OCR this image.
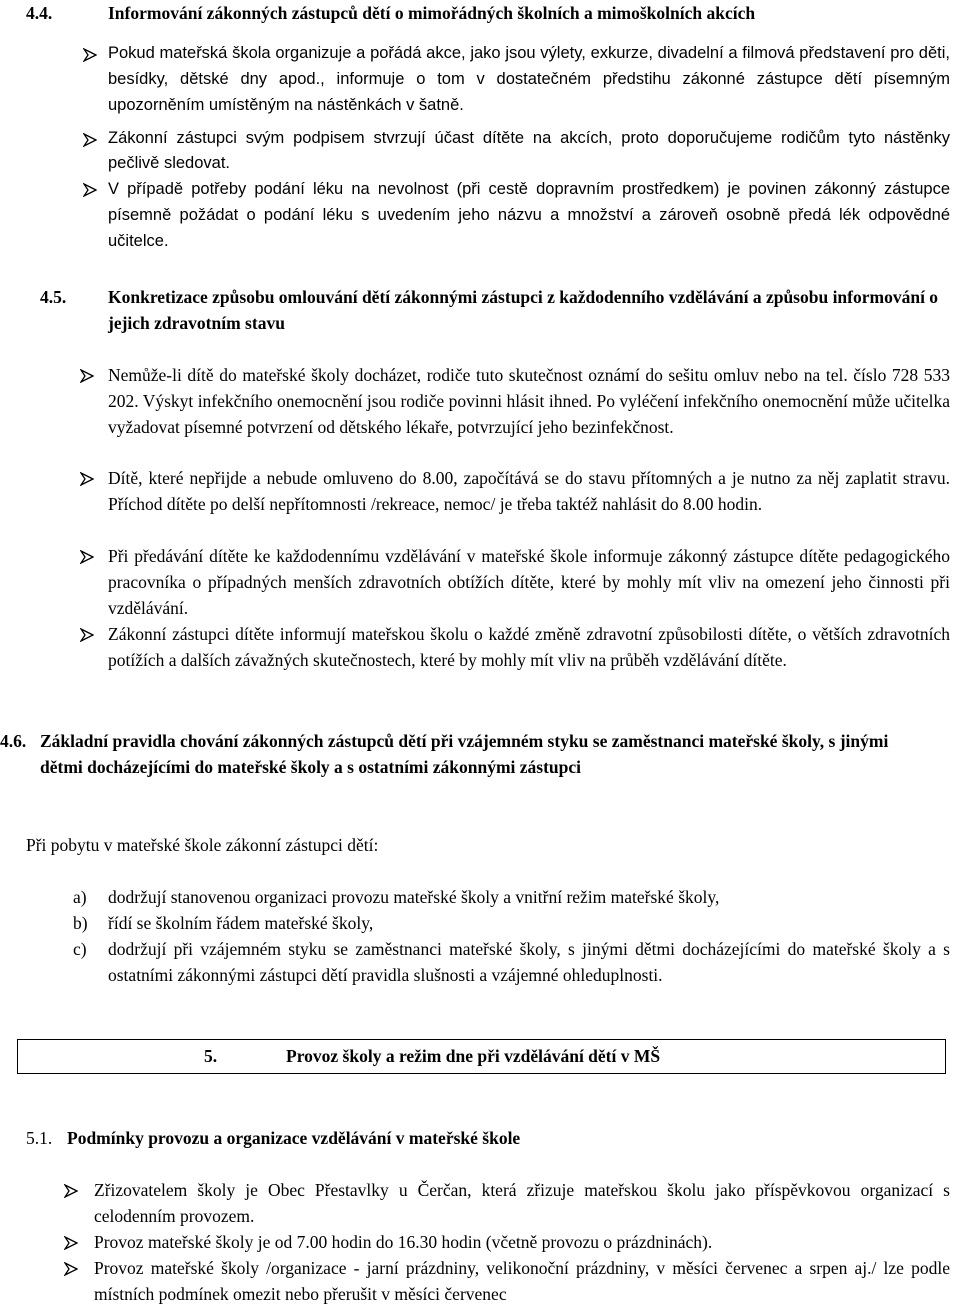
4.4.	Informování zákonných zástupců dětí o mimořádných školních a mimoškolních akcích
Pokud mateřská škola organizuje a pořádá akce, jako jsou výlety, exkurze, divadelní a filmová představení pro děti, besídky, dětské dny apod., informuje o tom v dostatečném předstihu zákonné zástupce dětí písemným upozorněním umístěným na nástěnkách v šatně.
Zákonní zástupci svým podpisem stvrzují účast dítěte na akcích, proto doporučujeme rodičům tyto nástěnky pečlivě sledovat.
V případě potřeby podání léku na nevolnost (při cestě dopravním prostředkem) je povinen zákonný zástupce písemně požádat o podání léku s uvedením jeho názvu a množství a zároveň osobně předá lék odpovědné učitelce.
4.5. Konkretizace způsobu omlouvání dětí zákonnými zástupci z každodenního vzdělávání a způsobu informování o jejich zdravotním stavu
Nemůže-li dítě do mateřské školy docházet, rodiče tuto skutečnost oznámí do sešitu omluv nebo na tel. číslo 728 533 202. Výskyt infekčního onemocnění jsou rodiče povinni hlásit ihned. Po vyléčení infekčního onemocnění může učitelka vyžadovat písemné potvrzení od dětského lékaře, potvrzující jeho bezinfekčnost.
Dítě, které nepřijde a nebude omluveno do 8.00, započítává se do stavu přítomných a je nutno za něj zaplatit stravu. Příchod dítěte po delší nepřítomnosti /rekreace, nemoc/ je třeba taktéž nahlásit do 8.00 hodin.
Při předávání dítěte ke každodennímu vzdělávání v mateřské škole informuje zákonný zástupce dítěte pedagogického pracovníka o případných menších zdravotních obtížích dítěte, které by mohly mít vliv na omezení jeho činnosti při vzdělávání.
Zákonní zástupci dítěte informují mateřskou školu o každé změně zdravotní způsobilosti dítěte, o větších zdravotních potížích a dalších závažných skutečnostech, které by mohly mít vliv na průběh vzdělávání dítěte.
4.6. Základní pravidla chování zákonných zástupců dětí při vzájemném styku se zaměstnanci mateřské školy, s jinými dětmi docházejícími do mateřské školy a s ostatními zákonnými zástupci
Při pobytu v mateřské škole zákonní zástupci dětí:
a) dodržují stanovenou organizaci provozu mateřské školy a vnitřní režim mateřské školy,
b) řídí se školním řádem mateřské školy,
c) dodržují při vzájemném styku se zaměstnanci mateřské školy, s jinými dětmi docházejícími do mateřské školy a s ostatními zákonnými zástupci dětí pravidla slušnosti a vzájemné ohleduplnosti.
5.	Provoz školy a režim dne při vzdělávání dětí v MŠ
5.1. Podmínky provozu a organizace vzdělávání v mateřské škole
Zřizovatelem školy je Obec Přestavlky u Čerčan, která zřizuje mateřskou školu jako příspěvkovou organizací s celodenním provozem.
Provoz mateřské školy je od 7.00 hodin do 16.30 hodin (včetně provozu o prázdninách).
Provoz mateřské školy /organizace - jarní prázdniny, velikonoční prázdniny, v měsíci červenec a srpen aj./ lze podle místních podmínek omezit nebo přerušit v měsíci červenec
